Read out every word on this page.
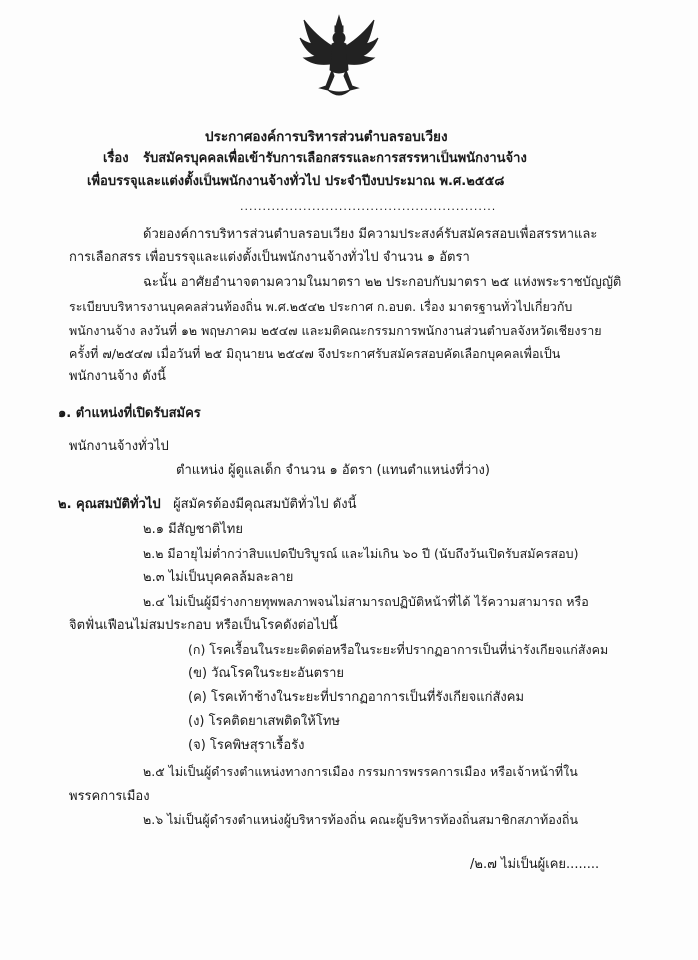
ประกาศองค์การบริหารส่วนตำบลรอบเวียง
เรื่อง รับสมัครบุคคลเพื่อเข้ารับการเลือกสรรและการสรรหาเป็นพนักงานจ้าง
เพื่อบรรจุและแต่งตั้งเป็นพนักงานจ้างทั่วไป ประจำปีงบประมาณ พ.ศ.๒๕๕๘
.........................................................
ด้วยองค์การบริหารส่วนตำบลรอบเวียง มีความประสงค์รับสมัครสอบเพื่อสรรหาและ
การเลือกสรร เพื่อบรรจุและแต่งตั้งเป็นพนักงานจ้างทั่วไป จำนวน ๑ อัตรา
ฉะนั้น อาศัยอำนาจตามความในมาตรา ๒๒ ประกอบกับมาตรา ๒๕ แห่งพระราชบัญญัติ
ระเบียบบริหารงานบุคคลส่วนท้องถิ่น พ.ศ.๒๕๔๒ ประกาศ ก.อบต. เรื่อง มาตรฐานทั่วไปเกี่ยวกับ
พนักงานจ้าง ลงวันที่ ๑๒ พฤษภาคม ๒๕๔๗ และมติคณะกรรมการพนักงานส่วนตำบลจังหวัดเชียงราย
ครั้งที่ ๗/๒๕๔๗ เมื่อวันที่ ๒๕ มิถุนายน ๒๕๔๗ จึงประกาศรับสมัครสอบคัดเลือกบุคคลเพื่อเป็น
พนักงานจ้าง ดังนี้
๑. ตำแหน่งที่เปิดรับสมัคร
พนักงานจ้างทั่วไป
ตำแหน่ง ผู้ดูแลเด็ก จำนวน ๑ อัตรา (แทนตำแหน่งที่ว่าง)
๒. คุณสมบัติทั่วไป ผู้สมัครต้องมีคุณสมบัติทั่วไป ดังนี้
๒.๑ มีสัญชาติไทย
๒.๒ มีอายุไม่ต่ำกว่าสิบแปดปีบริบูรณ์ และไม่เกิน ๖๐ ปี (นับถึงวันเปิดรับสมัครสอบ)
๒.๓ ไม่เป็นบุคคลล้มละลาย
๒.๔ ไม่เป็นผู้มีร่างกายทุพพลภาพจนไม่สามารถปฏิบัติหน้าที่ได้ ไร้ความสามารถ หรือ
จิตฟั่นเฟือนไม่สมประกอบ หรือเป็นโรคดังต่อไปนี้
(ก) โรคเรื้อนในระยะติดต่อหรือในระยะที่ปรากฏอาการเป็นที่น่ารังเกียจแก่สังคม
(ข) วัณโรคในระยะอันตราย
(ค) โรคเท้าช้างในระยะที่ปรากฏอาการเป็นที่รังเกียจแก่สังคม
(ง) โรคติดยาเสพติดให้โทษ
(จ) โรคพิษสุราเรื้อรัง
๒.๕ ไม่เป็นผู้ดำรงตำแหน่งทางการเมือง กรรมการพรรคการเมือง หรือเจ้าหน้าที่ใน
พรรคการเมือง
๒.๖ ไม่เป็นผู้ดำรงตำแหน่งผู้บริหารท้องถิ่น คณะผู้บริหารท้องถิ่นสมาชิกสภาท้องถิ่น
/๒.๗ ไม่เป็นผู้เคย........
